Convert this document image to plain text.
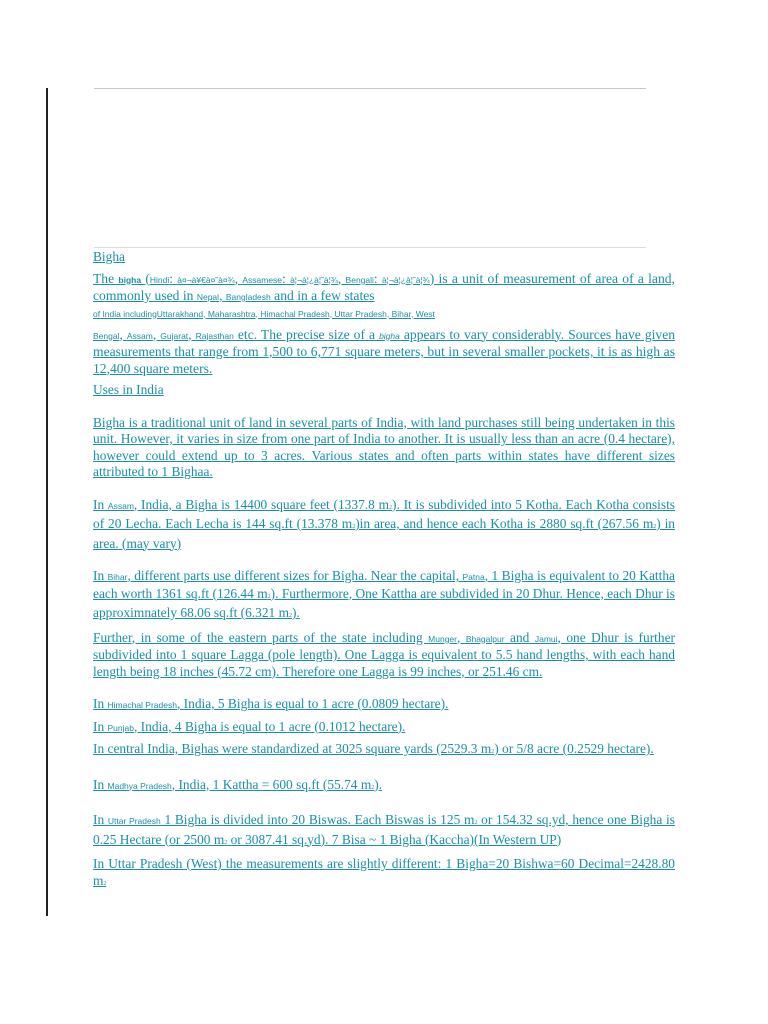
Bigha

The bigha (Hindi: à¤¬à¥€à¤˜à¤¾, Assamese: à¦¬à¦¿à¦˜à¦¾, Bengali: à¦¬à¦¿à¦˜à¦¾) is a unit of measurement of area of a land, commonly used in Nepal, Bangladesh and in a few states

of India includingUttarakhand, Maharashtra, Himachal Pradesh, Uttar Pradesh, Bihar, West

Bengal, Assam, Gujarat, Rajasthan etc. The precise size of a bigha appears to vary considerably. Sources have given measurements that range from 1,500 to 6,771 square meters, but in several smaller pockets, it is as high as 12,400 square meters.

Uses in India

Bigha is a traditional unit of land in several parts of India, with land purchases still being undertaken in this unit. However, it varies in size from one part of India to another. It is usually less than an acre (0.4 hectare), however could extend up to 3 acres. Various states and often parts within states have different sizes attributed to 1 Bighaa.

In Assam, India, a Bigha is 14400 square feet (1337.8 m2). It is subdivided into 5 Kotha. Each Kotha consists of 20 Lecha. Each Lecha is 144 sq.ft (13.378 m2)in area, and hence each Kotha is 2880 sq.ft (267.56 m2) in area. (may vary)

In Bihar, different parts use different sizes for Bigha. Near the capital, Patna, 1 Bigha is equivalent to 20 Kattha each worth 1361 sq.ft (126.44 m2). Furthermore, One Kattha are subdivided in 20 Dhur. Hence, each Dhur is approximnately 68.06 sq.ft (6.321 m2).

Further, in some of the eastern parts of the state including Munger, Bhagalpur and Jamui, one Dhur is further subdivided into 1 square Lagga (pole length). One Lagga is equivalent to 5.5 hand lengths, with each hand length being 18 inches (45.72 cm). Therefore one Lagga is 99 inches, or 251.46 cm.

In Himachal Pradesh, India, 5 Bigha is equal to 1 acre (0.0809 hectare).

In Punjab, India, 4 Bigha is equal to 1 acre (0.1012 hectare).

In central India, Bighas were standardized at 3025 square yards (2529.3 m2) or 5/8 acre (0.2529 hectare).

In Madhya Pradesh, India, 1 Kattha = 600 sq.ft (55.74 m2).

In Uttar Pradesh 1 Bigha is divided into 20 Biswas. Each Biswas is 125 m2 or 154.32 sq.yd, hence one Bigha is 0.25 Hectare (or 2500 m2 or 3087.41 sq.yd). 7 Bisa ~ 1 Bigha (Kaccha)(In Western UP)

In Uttar Pradesh (West) the measurements are slightly different: 1 Bigha=20 Bishwa=60 Decimal=2428.80 m2
